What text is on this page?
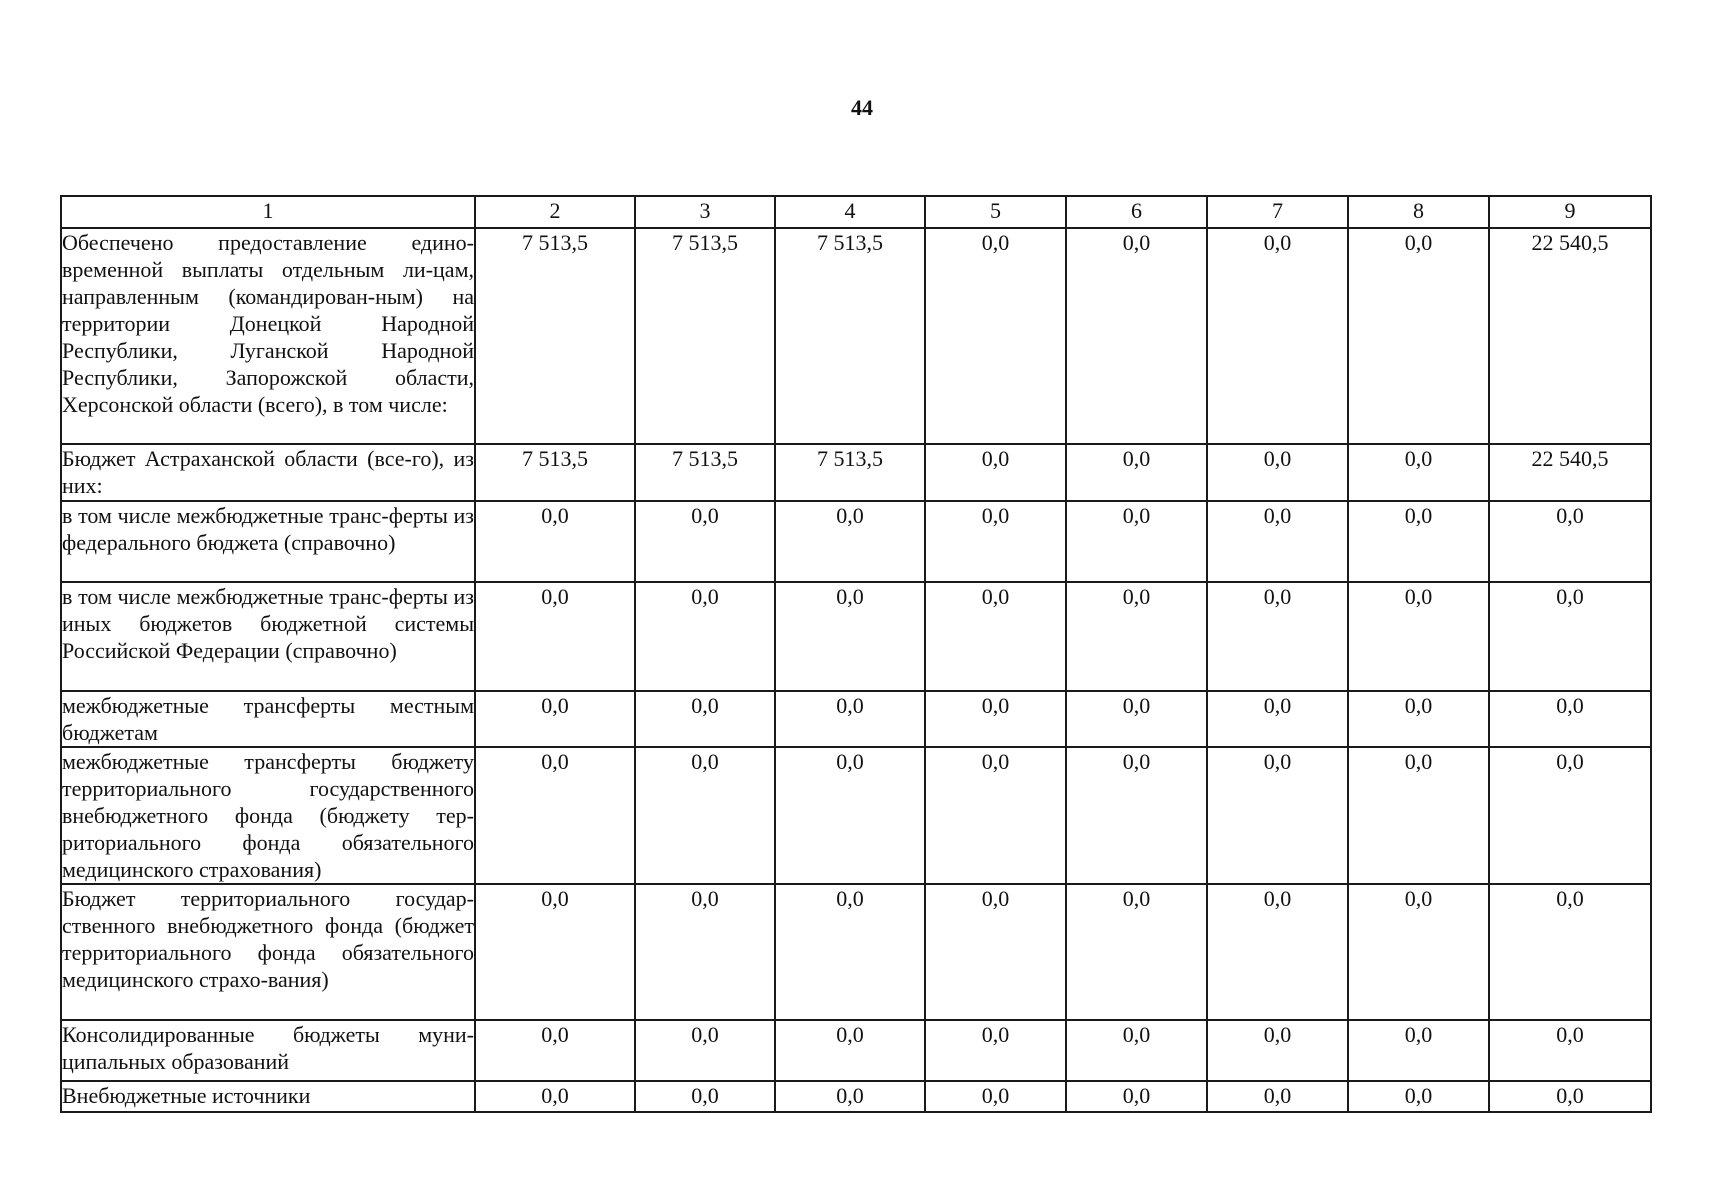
44
1	2	3	4	5	6	7	8	9
Обеспечено предоставление едино-временной выплаты отдельным ли-цам, направленным (командирован-ным) на территории Донецкой Народной Республики, Луганской Народной Республики, Запорожской области, Херсонской области (всего), в том числе:	7 513,5	7 513,5	7 513,5	0,0	0,0	0,0	0,0	22 540,5
Бюджет Астраханской области (все-го), из них:	7 513,5	7 513,5	7 513,5	0,0	0,0	0,0	0,0	22 540,5
в том числе межбюджетные транс-ферты из федерального бюджета (справочно)	0,0	0,0	0,0	0,0	0,0	0,0	0,0	0,0
в том числе межбюджетные транс-ферты из иных бюджетов бюджетной системы Российской Федерации (справочно)	0,0	0,0	0,0	0,0	0,0	0,0	0,0	0,0
межбюджетные трансферты местным бюджетам	0,0	0,0	0,0	0,0	0,0	0,0	0,0	0,0
межбюджетные трансферты бюджету территориального государственного внебюджетного фонда (бюджету тер-риториального фонда обязательного медицинского страхования)	0,0	0,0	0,0	0,0	0,0	0,0	0,0	0,0
Бюджет территориального государ-ственного внебюджетного фонда (бюджет территориального фонда обязательного медицинского страхо-вания)	0,0	0,0	0,0	0,0	0,0	0,0	0,0	0,0
Консолидированные бюджеты муни-ципальных образований	0,0	0,0	0,0	0,0	0,0	0,0	0,0	0,0
Внебюджетные источники	0,0	0,0	0,0	0,0	0,0	0,0	0,0	0,0
